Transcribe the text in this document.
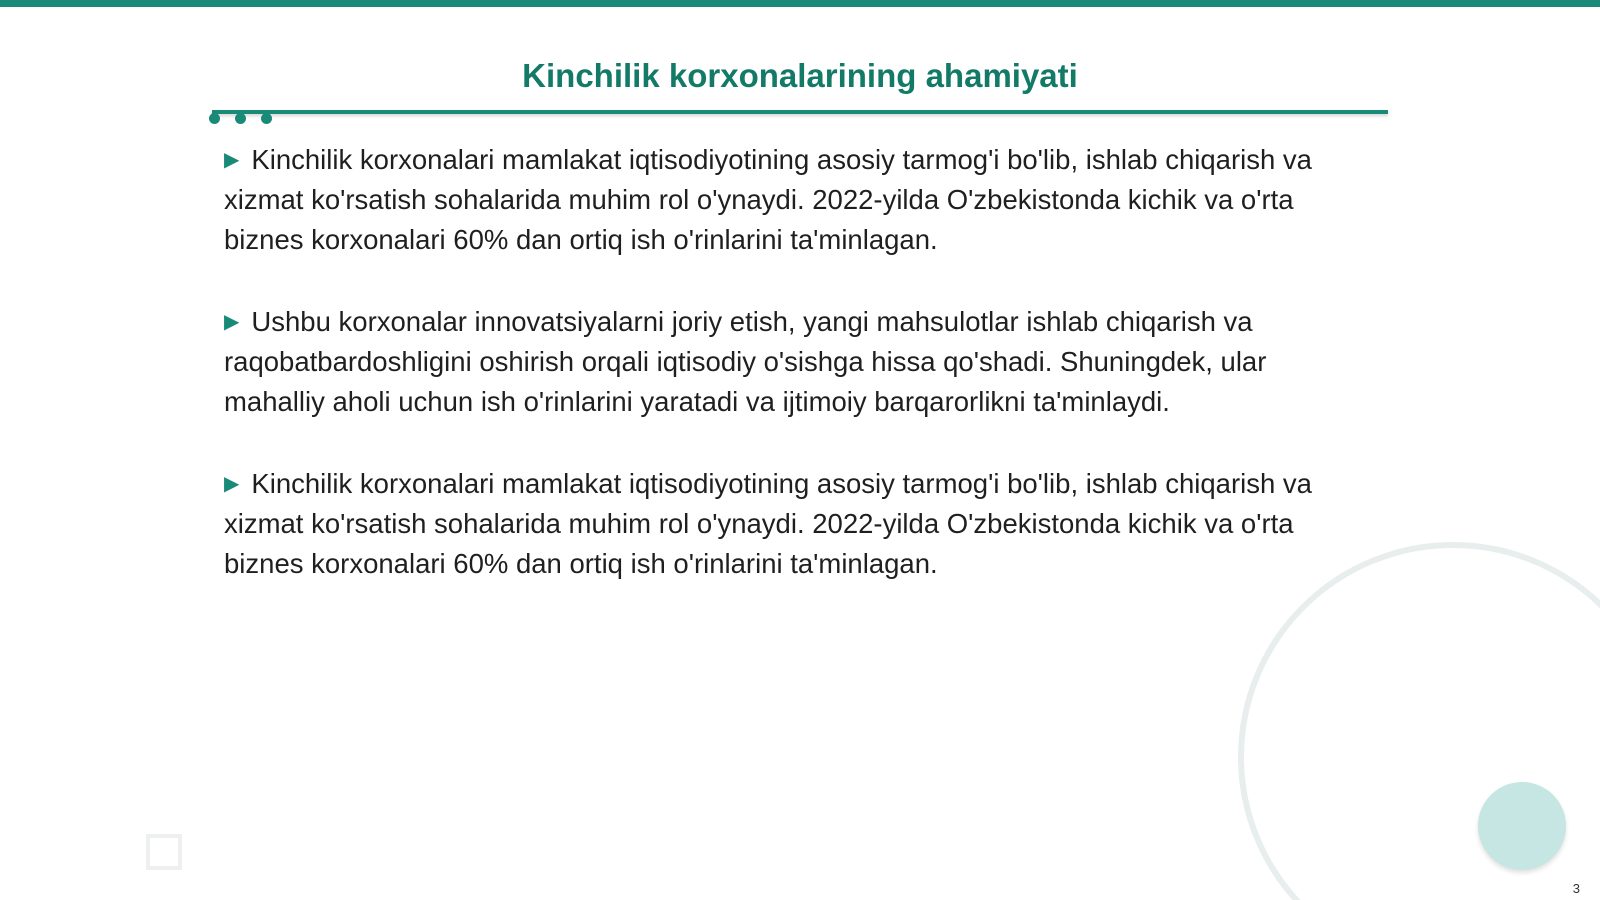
Kinchilik korxonalarining ahamiyati

▶ Kinchilik korxonalari mamlakat iqtisodiyotining asosiy tarmog'i bo'lib, ishlab chiqarish va xizmat ko'rsatish sohalarida muhim rol o'ynaydi. 2022-yilda O'zbekistonda kichik va o'rta biznes korxonalari 60% dan ortiq ish o'rinlarini ta'minlagan.

▶ Ushbu korxonalar innovatsiyalarni joriy etish, yangi mahsulotlar ishlab chiqarish va raqobatbardoshligini oshirish orqali iqtisodiy o'sishga hissa qo'shadi. Shuningdek, ular mahalliy aholi uchun ish o'rinlarini yaratadi va ijtimoiy barqarorlikni ta'minlaydi.

▶ Kinchilik korxonalari mamlakat iqtisodiyotining asosiy tarmog'i bo'lib, ishlab chiqarish va xizmat ko'rsatish sohalarida muhim rol o'ynaydi. 2022-yilda O'zbekistonda kichik va o'rta biznes korxonalari 60% dan ortiq ish o'rinlarini ta'minlagan.

3
